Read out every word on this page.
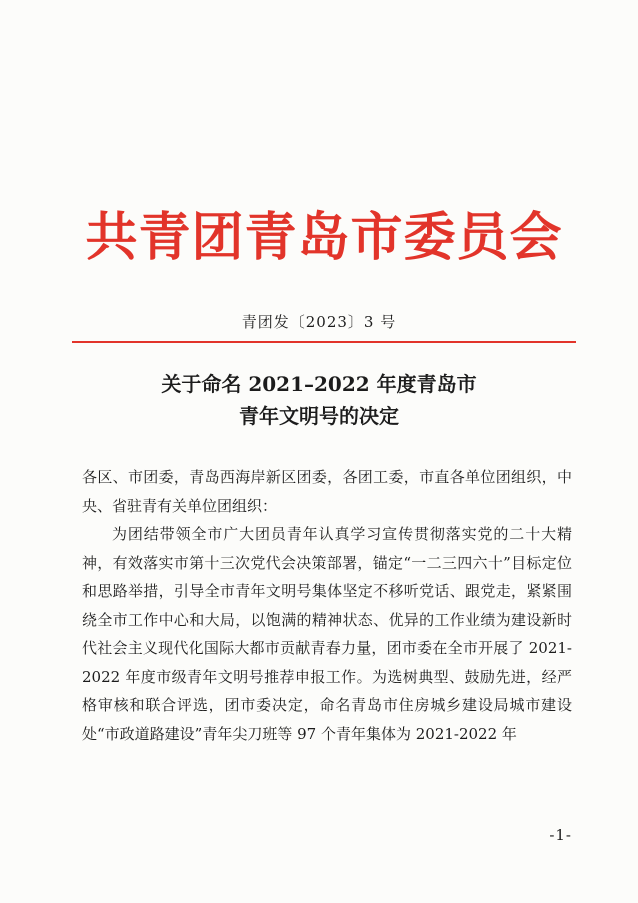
共青团青岛市委员会
青团发〔2023〕3 号
关于命名 2021–2022 年度青岛市
青年文明号的决定

各区、市团委，青岛西海岸新区团委，各团工委，市直各单位团组织，中央、省驻青有关单位团组织：

为团结带领全市广大团员青年认真学习宣传贯彻落实党的二十大精神，有效落实市第十三次党代会决策部署，锚定“一二三四六十”目标定位和思路举措，引导全市青年文明号集体坚定不移听党话、跟党走，紧紧围绕全市工作中心和大局，以饱满的精神状态、优异的工作业绩为建设新时代社会主义现代化国际大都市贡献青春力量，团市委在全市开展了 2021-2022 年度市级青年文明号推荐申报工作。为选树典型、鼓励先进，经严格审核和联合评选，团市委决定，命名青岛市住房城乡建设局城市建设处“市政道路建设”青年尖刀班等 97 个青年集体为 2021-2022 年

-1-
